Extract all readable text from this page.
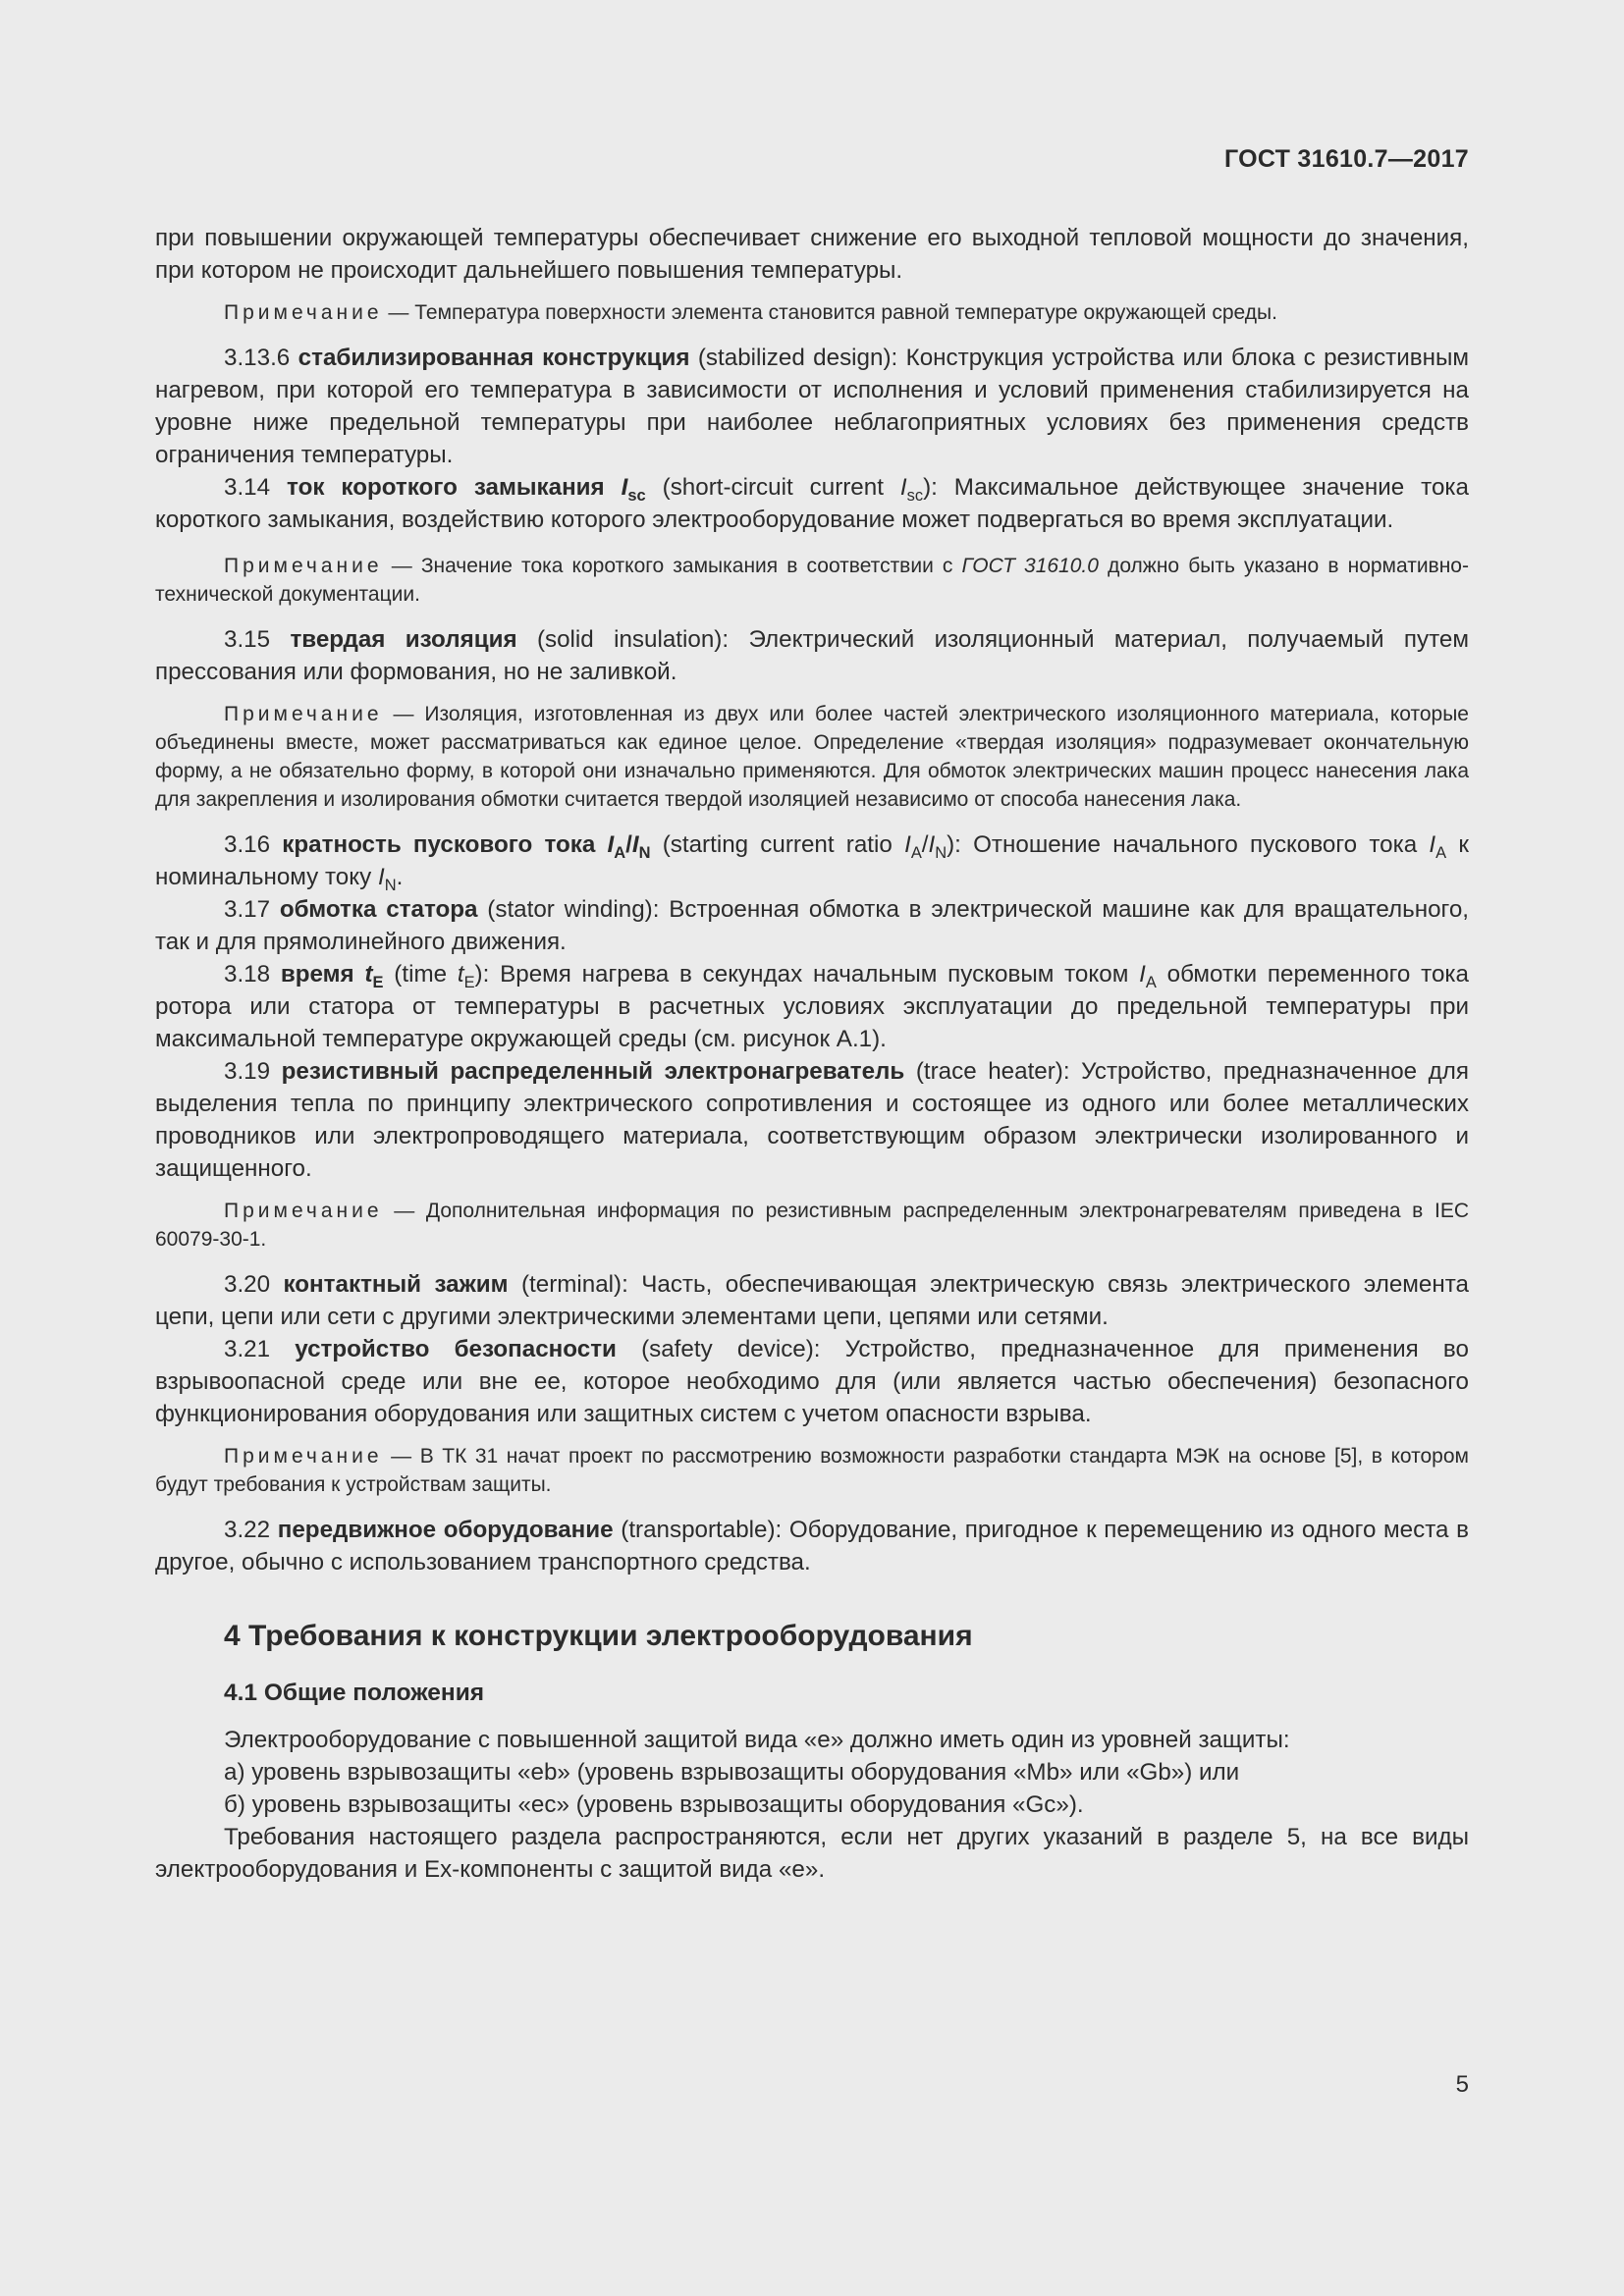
ГОСТ 31610.7—2017

при повышении окружающей температуры обеспечивает снижение его выходной тепловой мощности до значения, при котором не происходит дальнейшего повышения температуры.

Примечание — Температура поверхности элемента становится равной температуре окружающей среды.

3.13.6 стабилизированная конструкция (stabilized design): Конструкция устройства или блока с резистивным нагревом, при которой его температура в зависимости от исполнения и условий применения стабилизируется на уровне ниже предельной температуры при наиболее неблагоприятных условиях без применения средств ограничения температуры.

3.14 ток короткого замыкания $I_{sc}$ (short-circuit current $I_{sc}$): Максимальное действующее значение тока короткого замыкания, воздействию которого электрооборудование может подвергаться во время эксплуатации.

Примечание — Значение тока короткого замыкания в соответствии с ГОСТ 31610.0 должно быть указано в нормативно-технической документации.

3.15 твердая изоляция (solid insulation): Электрический изоляционный материал, получаемый путем прессования или формования, но не заливкой.

Примечание — Изоляция, изготовленная из двух или более частей электрического изоляционного материала, которые объединены вместе, может рассматриваться как единое целое. Определение «твердая изоляция» подразумевает окончательную форму, а не обязательно форму, в которой они изначально применяются. Для обмоток электрических машин процесс нанесения лака для закрепления и изолирования обмотки считается твердой изоляцией независимо от способа нанесения лака.

3.16 кратность пускового тока $I_A/I_N$ (starting current ratio $I_A/I_N$): Отношение начального пускового тока $I_A$ к номинальному току $I_N$.

3.17 обмотка статора (stator winding): Встроенная обмотка в электрической машине как для вращательного, так и для прямолинейного движения.

3.18 время $t_E$ (time $t_E$): Время нагрева в секундах начальным пусковым током $I_A$ обмотки переменного тока ротора или статора от температуры в расчетных условиях эксплуатации до предельной температуры при максимальной температуре окружающей среды (см. рисунок А.1).

3.19 резистивный распределенный электронагреватель (trace heater): Устройство, предназначенное для выделения тепла по принципу электрического сопротивления и состоящее из одного или более металлических проводников или электропроводящего материала, соответствующим образом электрически изолированного и защищенного.

Примечание — Дополнительная информация по резистивным распределенным электронагревателям приведена в IEC 60079-30-1.

3.20 контактный зажим (terminal): Часть, обеспечивающая электрическую связь электрического элемента цепи, цепи или сети с другими электрическими элементами цепи, цепями или сетями.

3.21 устройство безопасности (safety device): Устройство, предназначенное для применения во взрывоопасной среде или вне ее, которое необходимо для (или является частью обеспечения) безопасного функционирования оборудования или защитных систем с учетом опасности взрыва.

Примечание — В ТК 31 начат проект по рассмотрению возможности разработки стандарта МЭК на основе [5], в котором будут требования к устройствам защиты.

3.22 передвижное оборудование (transportable): Оборудование, пригодное к перемещению из одного места в другое, обычно с использованием транспортного средства.

4 Требования к конструкции электрооборудования
4.1 Общие положения

Электрооборудование с повышенной защитой вида «е» должно иметь один из уровней защиты:

а) уровень взрывозащиты «eb» (уровень взрывозащиты оборудования «Mb» или «Gb») или

б) уровень взрывозащиты «ес» (уровень взрывозащиты оборудования «Gc»).

Требования настоящего раздела распространяются, если нет других указаний в разделе 5, на все виды электрооборудования и Ex-компоненты с защитой вида «е».

5
